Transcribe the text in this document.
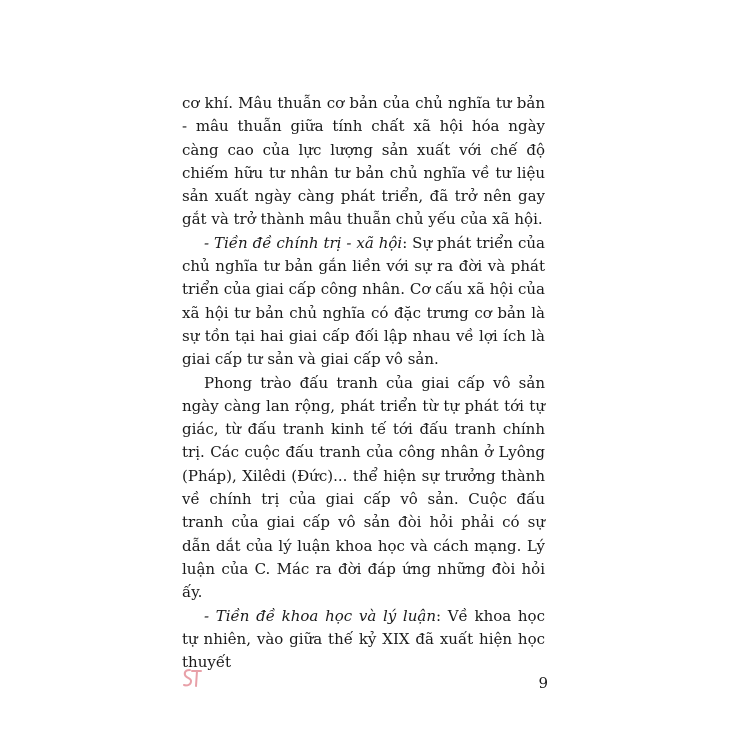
cơ khí. Mâu thuẫn cơ bản của chủ nghĩa tư bản - mâu thuẫn giữa tính chất xã hội hóa ngày càng cao của lực lượng sản xuất với chế độ chiếm hữu tư nhân tư bản chủ nghĩa về tư liệu sản xuất ngày càng phát triển, đã trở nên gay gắt và trở thành mâu thuẫn chủ yếu của xã hội.

- Tiền đề chính trị - xã hội: Sự phát triển của chủ nghĩa tư bản gắn liền với sự ra đời và phát triển của giai cấp công nhân. Cơ cấu xã hội của xã hội tư bản chủ nghĩa có đặc trưng cơ bản là sự tồn tại hai giai cấp đối lập nhau về lợi ích là giai cấp tư sản và giai cấp vô sản.

Phong trào đấu tranh của giai cấp vô sản ngày càng lan rộng, phát triển từ tự phát tới tự giác, từ đấu tranh kinh tế tới đấu tranh chính trị. Các cuộc đấu tranh của công nhân ở Lyông (Pháp), Xilêdi (Đức)... thể hiện sự trưởng thành về chính trị của giai cấp vô sản. Cuộc đấu tranh của giai cấp vô sản đòi hỏi phải có sự dẫn dắt của lý luận khoa học và cách mạng. Lý luận của C. Mác ra đời đáp ứng những đòi hỏi ấy.

- Tiền đề khoa học và lý luận: Về khoa học tự nhiên, vào giữa thế kỷ XIX đã xuất hiện học thuyết

9
